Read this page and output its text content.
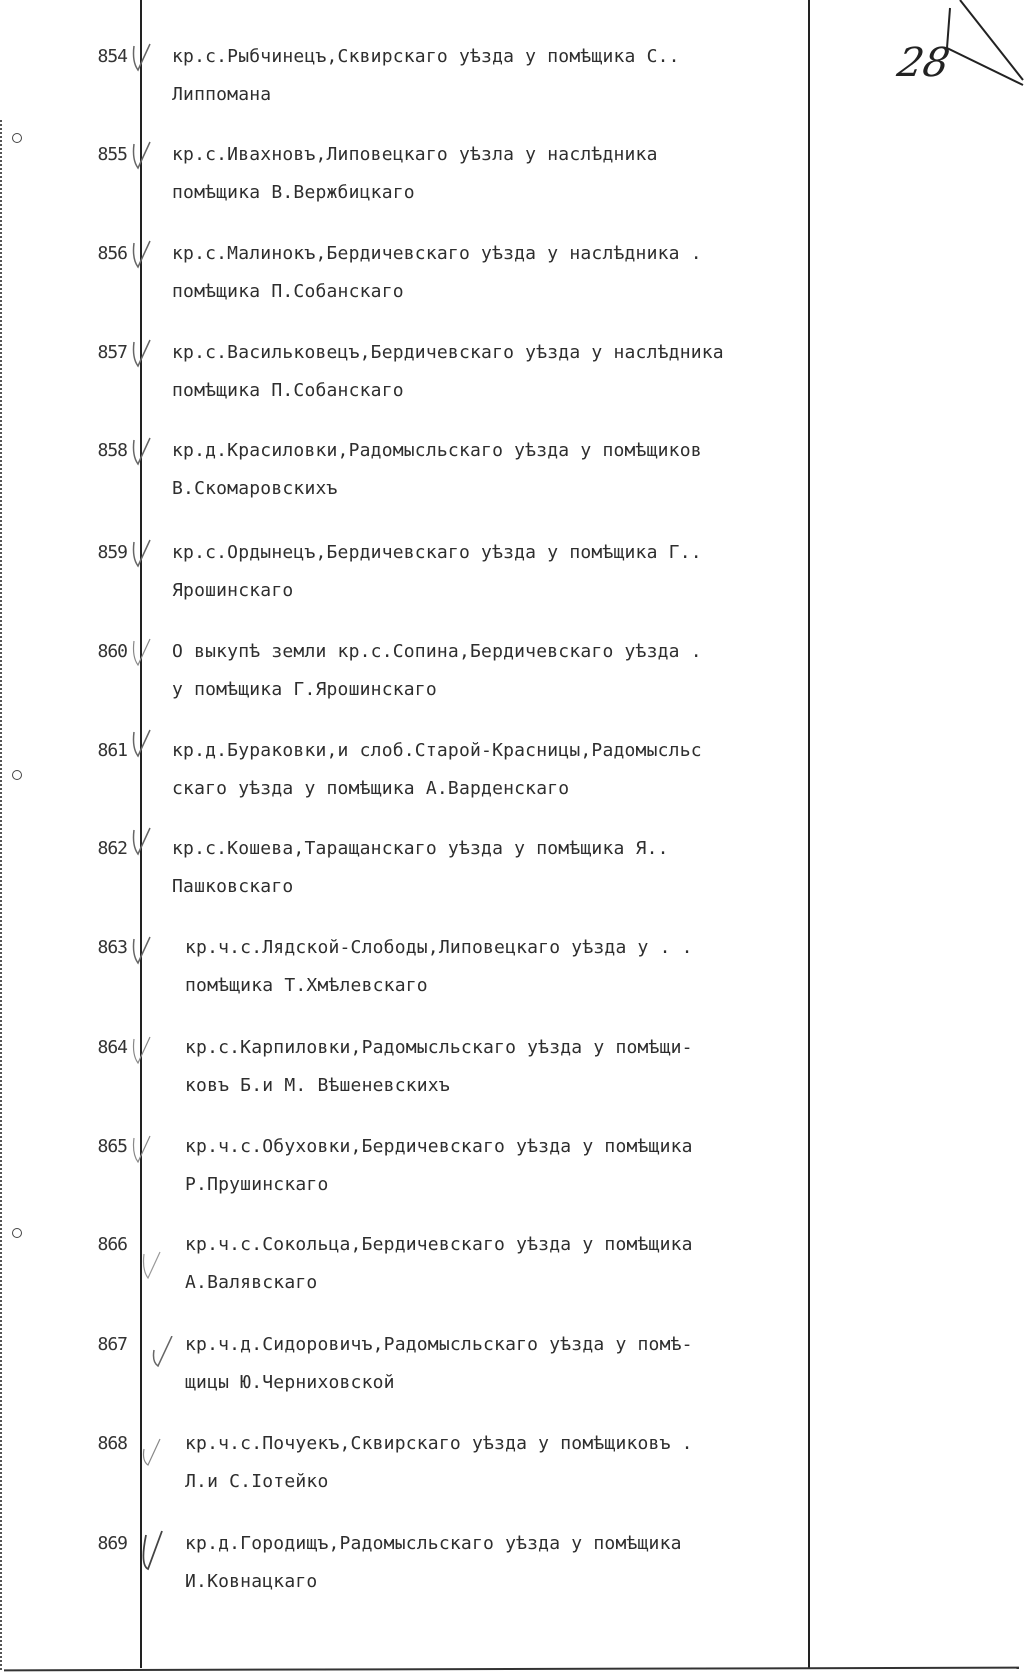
28
854	кр.с.Рыбчинецъ,Сквирскаго уѣзда у помѣщика С..
Липпомана
855	кр.с.Ивахновъ,Липовецкаго уѣзла у наслѣдника
помѣщика В.Вержбицкаго
856	кр.с.Малинокъ,Бердичевскаго уѣзда у наслѣдника .
помѣщика П.Собанскаго
857	кр.с.Васильковецъ,Бердичевскаго уѣзда у наслѣдника
помѣщика П.Собанскаго
858	кр.д.Красиловки,Радомысльскаго уѣзда у помѣщиков
В.Скомаровскихъ
859	кр.с.Ордынецъ,Бердичевскаго уѣзда у помѣщика Г..
Ярошинскаго
860	О выкупѣ земли кр.с.Сопина,Бердичевскаго уѣзда .
у помѣщика Г.Ярошинскаго
861	кр.д.Бураковки,и слоб.Старой-Красницы,Радомысльс
скаго уѣзда у помѣщика А.Варденскаго
862	кр.с.Кошева,Таращанскаго уѣзда у помѣщика Я..
Пашковскаго
863	кр.ч.с.Лядской-Слободы,Липовецкаго уѣзда у . .
помѣщика Т.Хмѣлевскаго
864	кр.с.Карпиловки,Радомысльскаго уѣзда у помѣщи-
ковъ Б.и М. Вѣшеневскихъ
865	кр.ч.с.Обуховки,Бердичевскаго уѣзда у помѣщика
Р.Прушинскаго
866	кр.ч.с.Сокольца,Бердичевскаго уѣзда у помѣщика
А.Валявскаго
867	кр.ч.д.Сидоровичъ,Радомысльскаго уѣзда у помѣ-
щицы Ю.Черниховской
868	кр.ч.с.Почуекъ,Сквирскаго уѣзда у помѣщиковъ .
Л.и С.Іотейко
869	кр.д.Городищъ,Радомысльскаго уѣзда у помѣщика
И.Ковнацкаго
